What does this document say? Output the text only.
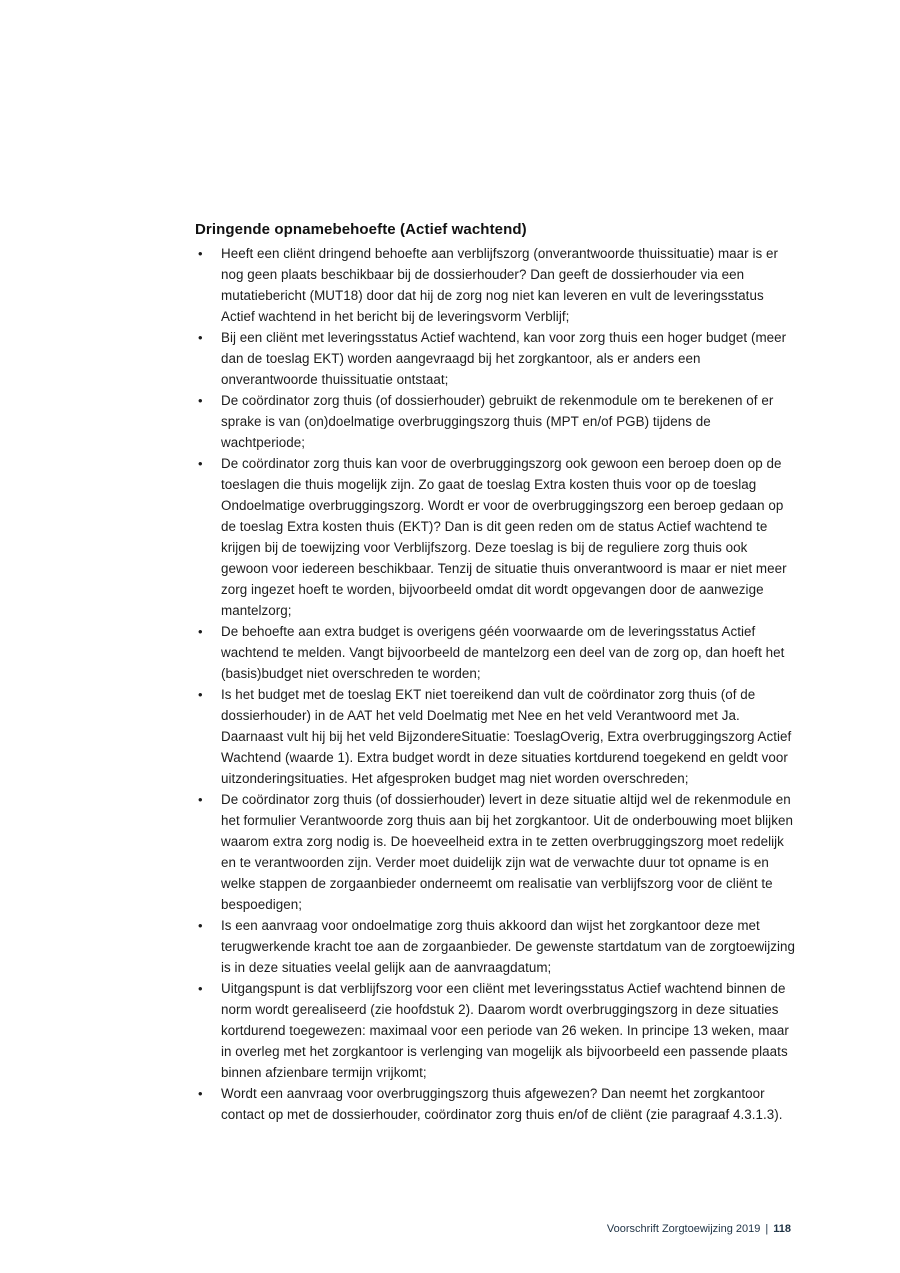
Dringende opnamebehoefte (Actief wachtend)
• Heeft een cliënt dringend behoefte aan verblijfszorg (onverantwoorde thuissituatie) maar is er nog geen plaats beschikbaar bij de dossierhouder? Dan geeft de dossierhouder via een mutatiebericht (MUT18) door dat hij de zorg nog niet kan leveren en vult de leveringsstatus Actief wachtend in het bericht bij de leveringsvorm Verblijf;
• Bij een cliënt met leveringsstatus Actief wachtend, kan voor zorg thuis een hoger budget (meer dan de toeslag EKT) worden aangevraagd bij het zorgkantoor, als er anders een onverantwoorde thuissituatie ontstaat;
• De coördinator zorg thuis (of dossierhouder) gebruikt de rekenmodule om te berekenen of er sprake is van (on)doelmatige overbruggingszorg thuis (MPT en/of PGB) tijdens de wachtperiode;
• De coördinator zorg thuis kan voor de overbruggingszorg ook gewoon een beroep doen op de toeslagen die thuis mogelijk zijn. Zo gaat de toeslag Extra kosten thuis voor op de toeslag Ondoelmatige overbruggingszorg. Wordt er voor de overbruggingszorg een beroep gedaan op de toeslag Extra kosten thuis (EKT)? Dan is dit geen reden om de status Actief wachtend te krijgen bij de toewijzing voor Verblijfszorg. Deze toeslag is bij de reguliere zorg thuis ook gewoon voor iedereen beschikbaar. Tenzij de situatie thuis onverantwoord is maar er niet meer zorg ingezet hoeft te worden, bijvoorbeeld omdat dit wordt opgevangen door de aanwezige mantelzorg;
• De behoefte aan extra budget is overigens géén voorwaarde om de leveringsstatus Actief wachtend te melden. Vangt bijvoorbeeld de mantelzorg een deel van de zorg op, dan hoeft het (basis)budget niet overschreden te worden;
• Is het budget met de toeslag EKT niet toereikend dan vult de coördinator zorg thuis (of de dossierhouder) in de AAT het veld Doelmatig met Nee en het veld Verantwoord met Ja. Daarnaast vult hij bij het veld BijzondereSituatie: ToeslagOverig, Extra overbruggingszorg Actief Wachtend (waarde 1). Extra budget wordt in deze situaties kortdurend toegekend en geldt voor uitzonderingsituaties. Het afgesproken budget mag niet worden overschreden;
• De coördinator zorg thuis (of dossierhouder) levert in deze situatie altijd wel de rekenmodule en het formulier Verantwoorde zorg thuis aan bij het zorgkantoor. Uit de onderbouwing moet blijken waarom extra zorg nodig is. De hoeveelheid extra in te zetten overbruggingszorg moet redelijk en te verantwoorden zijn. Verder moet duidelijk zijn wat de verwachte duur tot opname is en welke stappen de zorgaanbieder onderneemt om realisatie van verblijfszorg voor de cliënt te bespoedigen;
• Is een aanvraag voor ondoelmatige zorg thuis akkoord dan wijst het zorgkantoor deze met terugwerkende kracht toe aan de zorgaanbieder. De gewenste startdatum van de zorgtoewijzing is in deze situaties veelal gelijk aan de aanvraagdatum;
• Uitgangspunt is dat verblijfszorg voor een cliënt met leveringsstatus Actief wachtend binnen de norm wordt gerealiseerd (zie hoofdstuk 2). Daarom wordt overbruggingszorg in deze situaties kortdurend toegewezen: maximaal voor een periode van 26 weken. In principe 13 weken, maar in overleg met het zorgkantoor is verlenging van mogelijk als bijvoorbeeld een passende plaats binnen afzienbare termijn vrijkomt;
• Wordt een aanvraag voor overbruggingszorg thuis afgewezen? Dan neemt het zorgkantoor contact op met de dossierhouder, coördinator zorg thuis en/of de cliënt (zie paragraaf 4.3.1.3).
Voorschrift Zorgtoewijzing 2019 | 118
